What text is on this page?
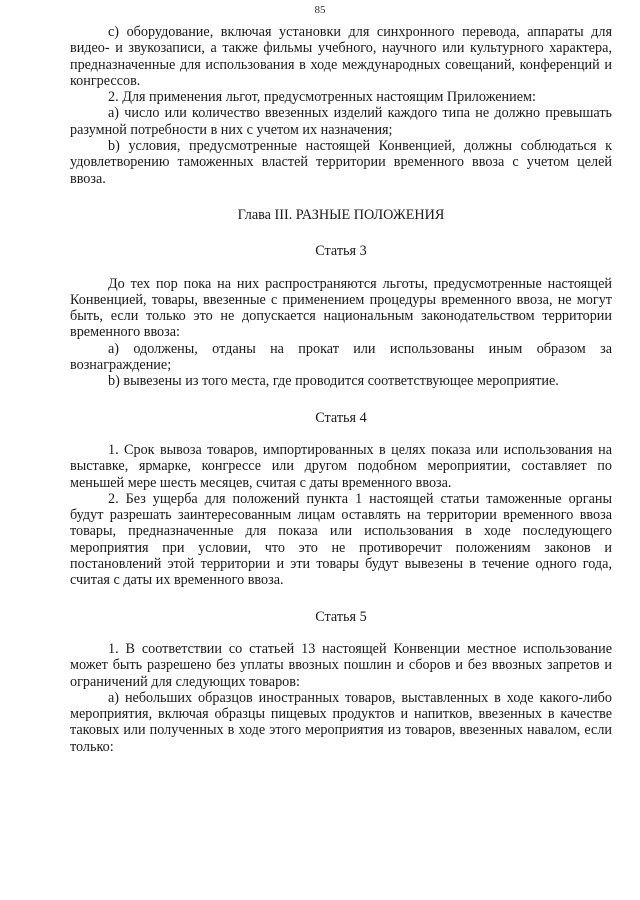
85

с) оборудование, включая установки для синхронного перевода, аппараты для видео- и звукозаписи, а также фильмы учебного, научного или культурного характера, предназначенные для использования в ходе международных совещаний, конференций и конгрессов.

2. Для применения льгот, предусмотренных настоящим Приложением:

а) число или количество ввезенных изделий каждого типа не должно превышать разумной потребности в них с учетом их назначения;

b) условия, предусмотренные настоящей Конвенцией, должны соблюдаться к удовлетворению таможенных властей территории временного ввоза с учетом целей ввоза.

Глава III. РАЗНЫЕ ПОЛОЖЕНИЯ
Статья 3

До тех пор пока на них распространяются льготы, предусмотренные настоящей Конвенцией, товары, ввезенные с применением процедуры временного ввоза, не могут быть, если только это не допускается национальным законодательством территории временного ввоза:

а) одолжены, отданы на прокат или использованы иным образом за вознаграждение;

b) вывезены из того места, где проводится соответствующее мероприятие.

Статья 4

1. Срок вывоза товаров, импортированных в целях показа или использования на выставке, ярмарке, конгрессе или другом подобном мероприятии, составляет по меньшей мере шесть месяцев, считая с даты временного ввоза.

2. Без ущерба для положений пункта 1 настоящей статьи таможенные органы будут разрешать заинтересованным лицам оставлять на территории временного ввоза товары, предназначенные для показа или использования в ходе последующего мероприятия при условии, что это не противоречит положениям законов и постановлений этой территории и эти товары будут вывезены в течение одного года, считая с даты их временного ввоза.

Статья 5

1. В соответствии со статьей 13 настоящей Конвенции местное использование может быть разрешено без уплаты ввозных пошлин и сборов и без ввозных запретов и ограничений для следующих товаров:

а) небольших образцов иностранных товаров, выставленных в ходе какого-либо мероприятия, включая образцы пищевых продуктов и напитков, ввезенных в качестве таковых или полученных в ходе этого мероприятия из товаров, ввезенных навалом, если только:
